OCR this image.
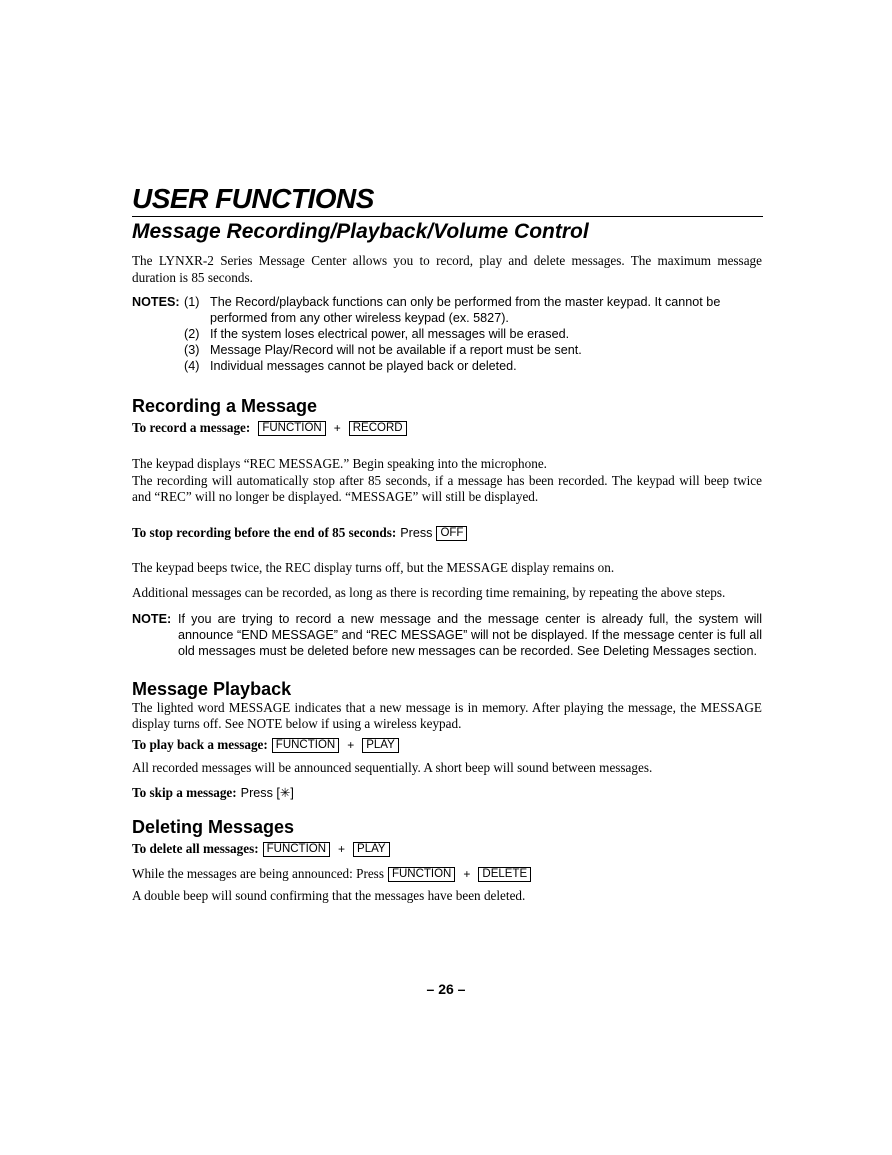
USER FUNCTIONS
Message Recording/Playback/Volume Control

The LYNXR-2 Series Message Center allows you to record, play and delete messages. The maximum message duration is 85 seconds.

NOTES: (1) The Record/playback functions can only be performed from the master keypad. It cannot be performed from any other wireless keypad (ex. 5827).
(2) If the system loses electrical power, all messages will be erased.
(3) Message Play/Record will not be available if a report must be sent.
(4) Individual messages cannot be played back or deleted.
Recording a Message

To record a message: FUNCTION + RECORD

The keypad displays “REC MESSAGE.” Begin speaking into the microphone.

The recording will automatically stop after 85 seconds, if a message has been recorded. The keypad will beep twice and “REC” will no longer be displayed. “MESSAGE” will still be displayed.

To stop recording before the end of 85 seconds: Press OFF

The keypad beeps twice, the REC display turns off, but the MESSAGE display remains on.

Additional messages can be recorded, as long as there is recording time remaining, by repeating the above steps.

NOTE: If you are trying to record a new message and the message center is already full, the system will announce “END MESSAGE” and “REC MESSAGE” will not be displayed. If the message center is full all old messages must be deleted before new messages can be recorded. See Deleting Messages section.
Message Playback

The lighted word MESSAGE indicates that a new message is in memory. After playing the message, the MESSAGE display turns off. See NOTE below if using a wireless keypad.

To play back a message: FUNCTION + PLAY

All recorded messages will be announced sequentially. A short beep will sound between messages.

To skip a message: Press [✳]

Deleting Messages

To delete all messages: FUNCTION + PLAY

While the messages are being announced: Press FUNCTION + DELETE

A double beep will sound confirming that the messages have been deleted.

– 26 –
